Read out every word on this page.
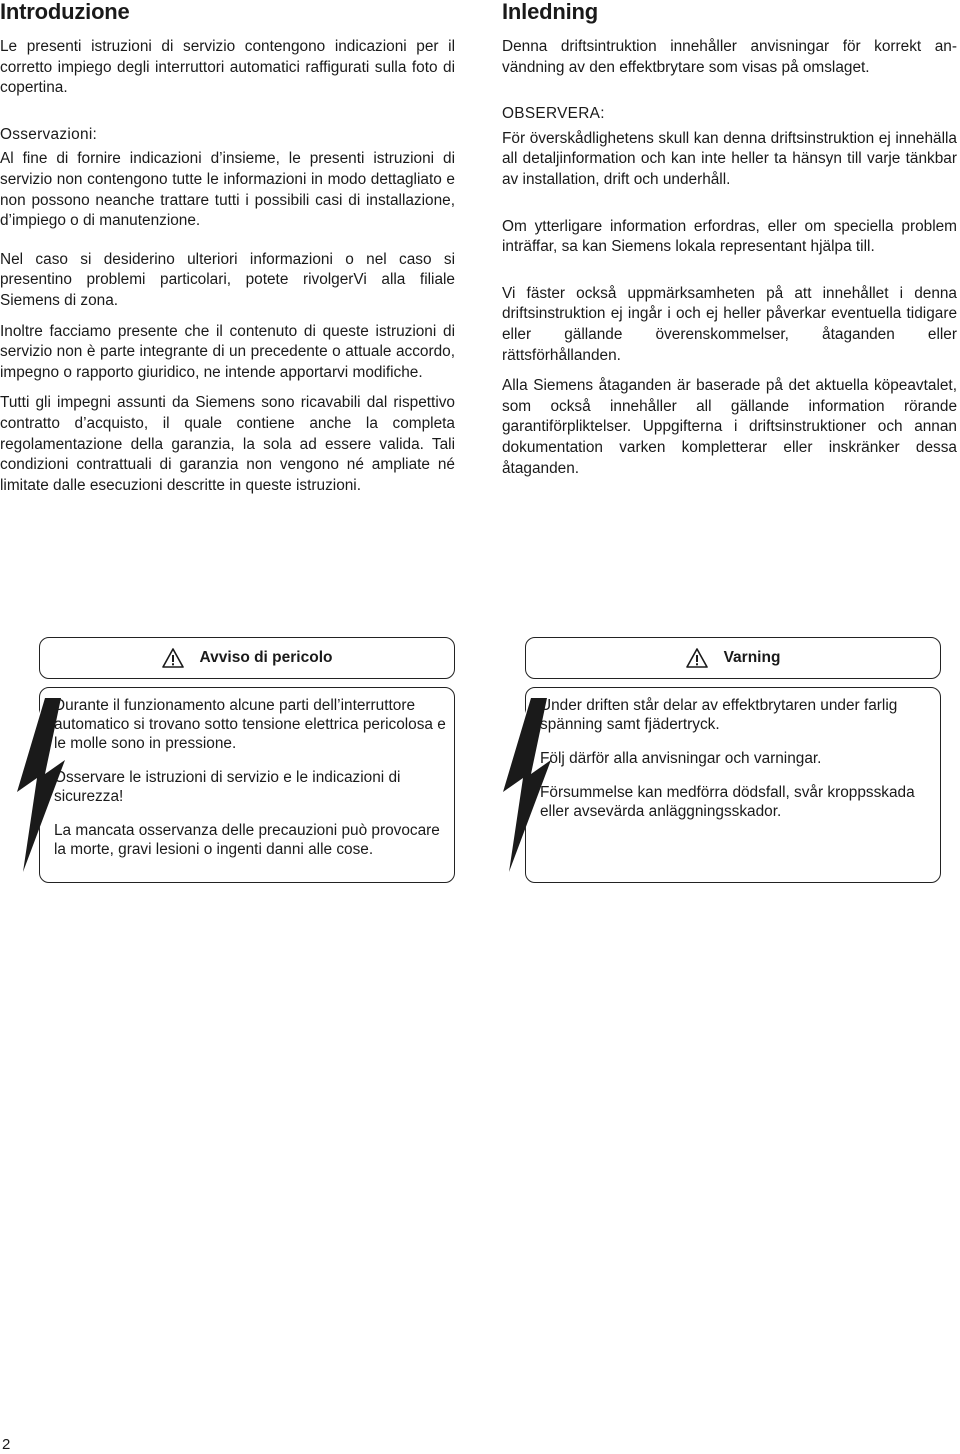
Introduzione

Le presenti istruzioni di servizio contengono indicazioni per il corretto impiego degli interruttori automatici raffigurati sulla foto di copertina.

Osservazioni:

Al fine di fornire indicazioni d’insieme, le presenti istruzioni di servizio non contengono tutte le informazioni in modo dettagliato e non possono neanche trattare tutti i possibili casi di installazione, d’impiego o di manutenzione.

Nel caso si desiderino ulteriori informazioni o nel caso si presentino problemi particolari, potete rivolgerVi alla filiale Siemens di zona.

Inoltre facciamo presente che il contenuto di queste istruzioni di servizio non è parte integrante di un precedente o attuale accordo, impegno o rapporto giuridico, ne intende apportarvi modifiche.

Tutti gli impegni assunti da Siemens sono ricavabili dal rispettivo contratto d’acquisto, il quale contiene anche la completa regolamentazione della garanzia, la sola ad essere valida. Tali condizioni contrattuali di garanzia non vengono né ampliate né limitate dalle esecuzioni descritte in queste istruzioni.

Inledning

Denna driftsintruktion innehåller anvisningar för korrekt användning av den effektbrytare som visas på omslaget.

OBSERVERA:

För överskådlighetens skull kan denna driftsinstruktion ej innehälla all detaljinformation och kan inte heller ta hänsyn till varje tänkbar av installation, drift och underhåll.

Om ytterligare information erfordras, eller om speciella problem inträffar, sa kan Siemens lokala representant hjälpa till.

Vi fäster också uppmärksamheten på att innehållet i denna driftsinstruktion ej ingår i och ej heller påverkar eventuella tidigare eller gällande överenskommelser, åtaganden eller rättsförhållanden.

Alla Siemens åtaganden är baserade på det aktuella köpeavtalet, som också innehåller all gällande information rörande garantiförpliktelser. Uppgifterna i driftsinstruktioner och annan dokumentation varken kompletterar eller inskränker dessa åtaganden.

Avviso di pericolo

Durante il funzionamento alcune parti dell’interruttore automatico si trovano sotto tensione elettrica pericolosa e le molle sono in pressione.

Osservare le istruzioni di servizio e le indicazioni di sicurezza!

La mancata osservanza delle precauzioni può provocare la morte, gravi lesioni o ingenti danni alle cose.

Varning

Under driften står delar av effektbrytaren under farlig spänning samt fjädertryck.

Följ därför alla anvisningar och varningar.

Försummelse kan medförra dödsfall, svår kroppsskada eller avsevärda anläggningsskador.

2
